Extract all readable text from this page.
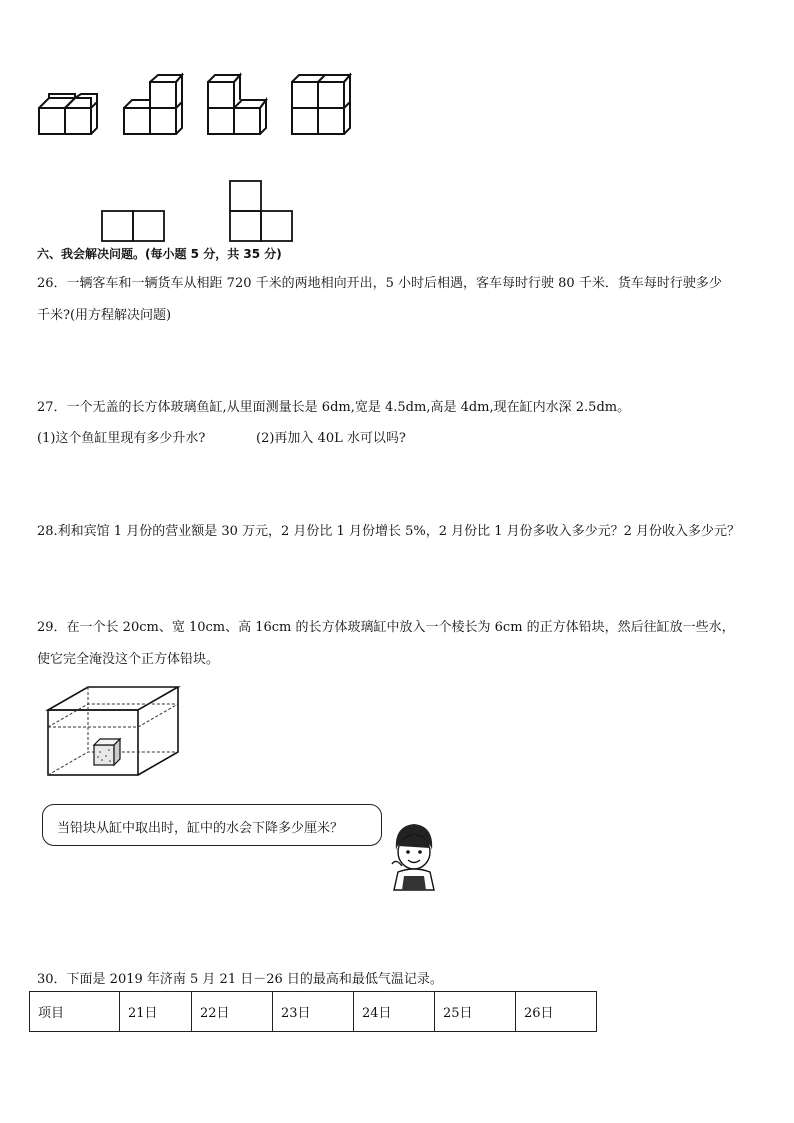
六、我会解决问题。(每小题 5 分，共 35 分)
26．一辆客车和一辆货车从相距 720 千米的两地相向开出，5 小时后相遇，客车每时行驶 80 千米．货车每时行驶多少
千米?(用方程解决问题)
27．一个无盖的长方体玻璃鱼缸,从里面测量长是 6dm,宽是 4.5dm,高是 4dm,现在缸内水深 2.5dm。
(1)这个鱼缸里现有多少升水?	(2)再加入 40L 水可以吗?
28.利和宾馆 1 月份的营业额是 30 万元，2 月份比 1 月份增长 5%，2 月份比 1 月份多收入多少元？2 月份收入多少元？
29．在一个长 20cm、宽 10cm、高 16cm 的长方体玻璃缸中放入一个棱长为 6cm 的正方体铅块，然后往缸放一些水，
使它完全淹没这个正方体铅块。
当铅块从缸中取出时，缸中的水会下降多少厘米？
30．下面是 2019 年济南 5 月 21 日－26 日的最高和最低气温记录。
项目	21日	22日	23日	24日	25日	26日
